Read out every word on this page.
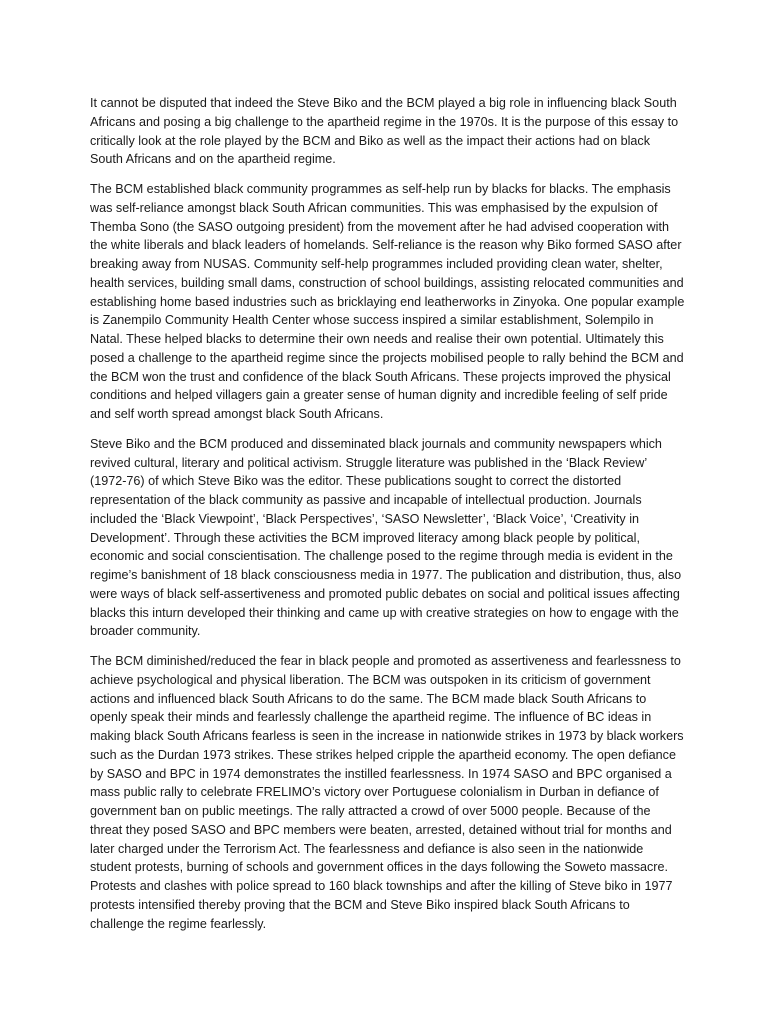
It cannot be disputed that indeed the Steve Biko and the BCM played a big role in influencing black South Africans and posing a big challenge to the apartheid regime in the 1970s. It is the purpose of this essay to critically look at the role played by the BCM and Biko as well as the impact their actions had on black South Africans and on the apartheid regime.

The BCM established black community programmes as self-help run by blacks for blacks. The emphasis was self-reliance amongst black South African communities. This was emphasised by the expulsion of Themba Sono (the SASO outgoing president) from the movement after he had advised cooperation with the white liberals and black leaders of homelands. Self-reliance is the reason why Biko formed SASO after breaking away from NUSAS. Community self-help programmes included providing clean water, shelter, health services, building small dams, construction of school buildings, assisting relocated communities and establishing home based industries such as bricklaying end leatherworks in Zinyoka. One popular example is Zanempilo Community Health Center whose success inspired a similar establishment, Solempilo in Natal. These helped blacks to determine their own needs and realise their own potential. Ultimately this posed a challenge to the apartheid regime since the projects mobilised people to rally behind the BCM and the BCM won the trust and confidence of the black South Africans. These projects improved the physical conditions and helped villagers gain a greater sense of human dignity and incredible feeling of self pride and self worth spread amongst black South Africans.

Steve Biko and the BCM produced and disseminated black journals and community newspapers which revived cultural, literary and political activism. Struggle literature was published in the ‘Black Review’ (1972-76) of which Steve Biko was the editor. These publications sought to correct the distorted representation of the black community as passive and incapable of intellectual production. Journals included the ‘Black Viewpoint’, ‘Black Perspectives’, ‘SASO Newsletter’, ‘Black Voice’, ‘Creativity in Development’. Through these activities the BCM improved literacy among black people by political, economic and social conscientisation. The challenge posed to the regime through media is evident in the regime’s banishment of 18 black consciousness media in 1977. The publication and distribution, thus, also were ways of black self-assertiveness and promoted public debates on social and political issues affecting blacks this inturn developed their thinking and came up with creative strategies on how to engage with the broader community.

The BCM diminished/reduced the fear in black people and promoted as assertiveness and fearlessness to achieve psychological and physical liberation. The BCM was outspoken in its criticism of government actions and influenced black South Africans to do the same. The BCM made black South Africans to openly speak their minds and fearlessly challenge the apartheid regime. The influence of BC ideas in making black South Africans fearless is seen in the increase in nationwide strikes in 1973 by black workers such as the Durdan 1973 strikes. These strikes helped cripple the apartheid economy. The open defiance by SASO and BPC in 1974 demonstrates the instilled fearlessness. In 1974 SASO and BPC organised a mass public rally to celebrate FRELIMO’s victory over Portuguese colonialism in Durban in defiance of government ban on public meetings. The rally attracted a crowd of over 5000 people. Because of the threat they posed SASO and BPC members were beaten, arrested, detained without trial for months and later charged under the Terrorism Act. The fearlessness and defiance is also seen in the nationwide student protests, burning of schools and government offices in the days following the Soweto massacre. Protests and clashes with police spread to 160 black townships and after the killing of Steve biko in 1977 protests intensified thereby proving that the BCM and Steve Biko inspired black South Africans to challenge the regime fearlessly.
